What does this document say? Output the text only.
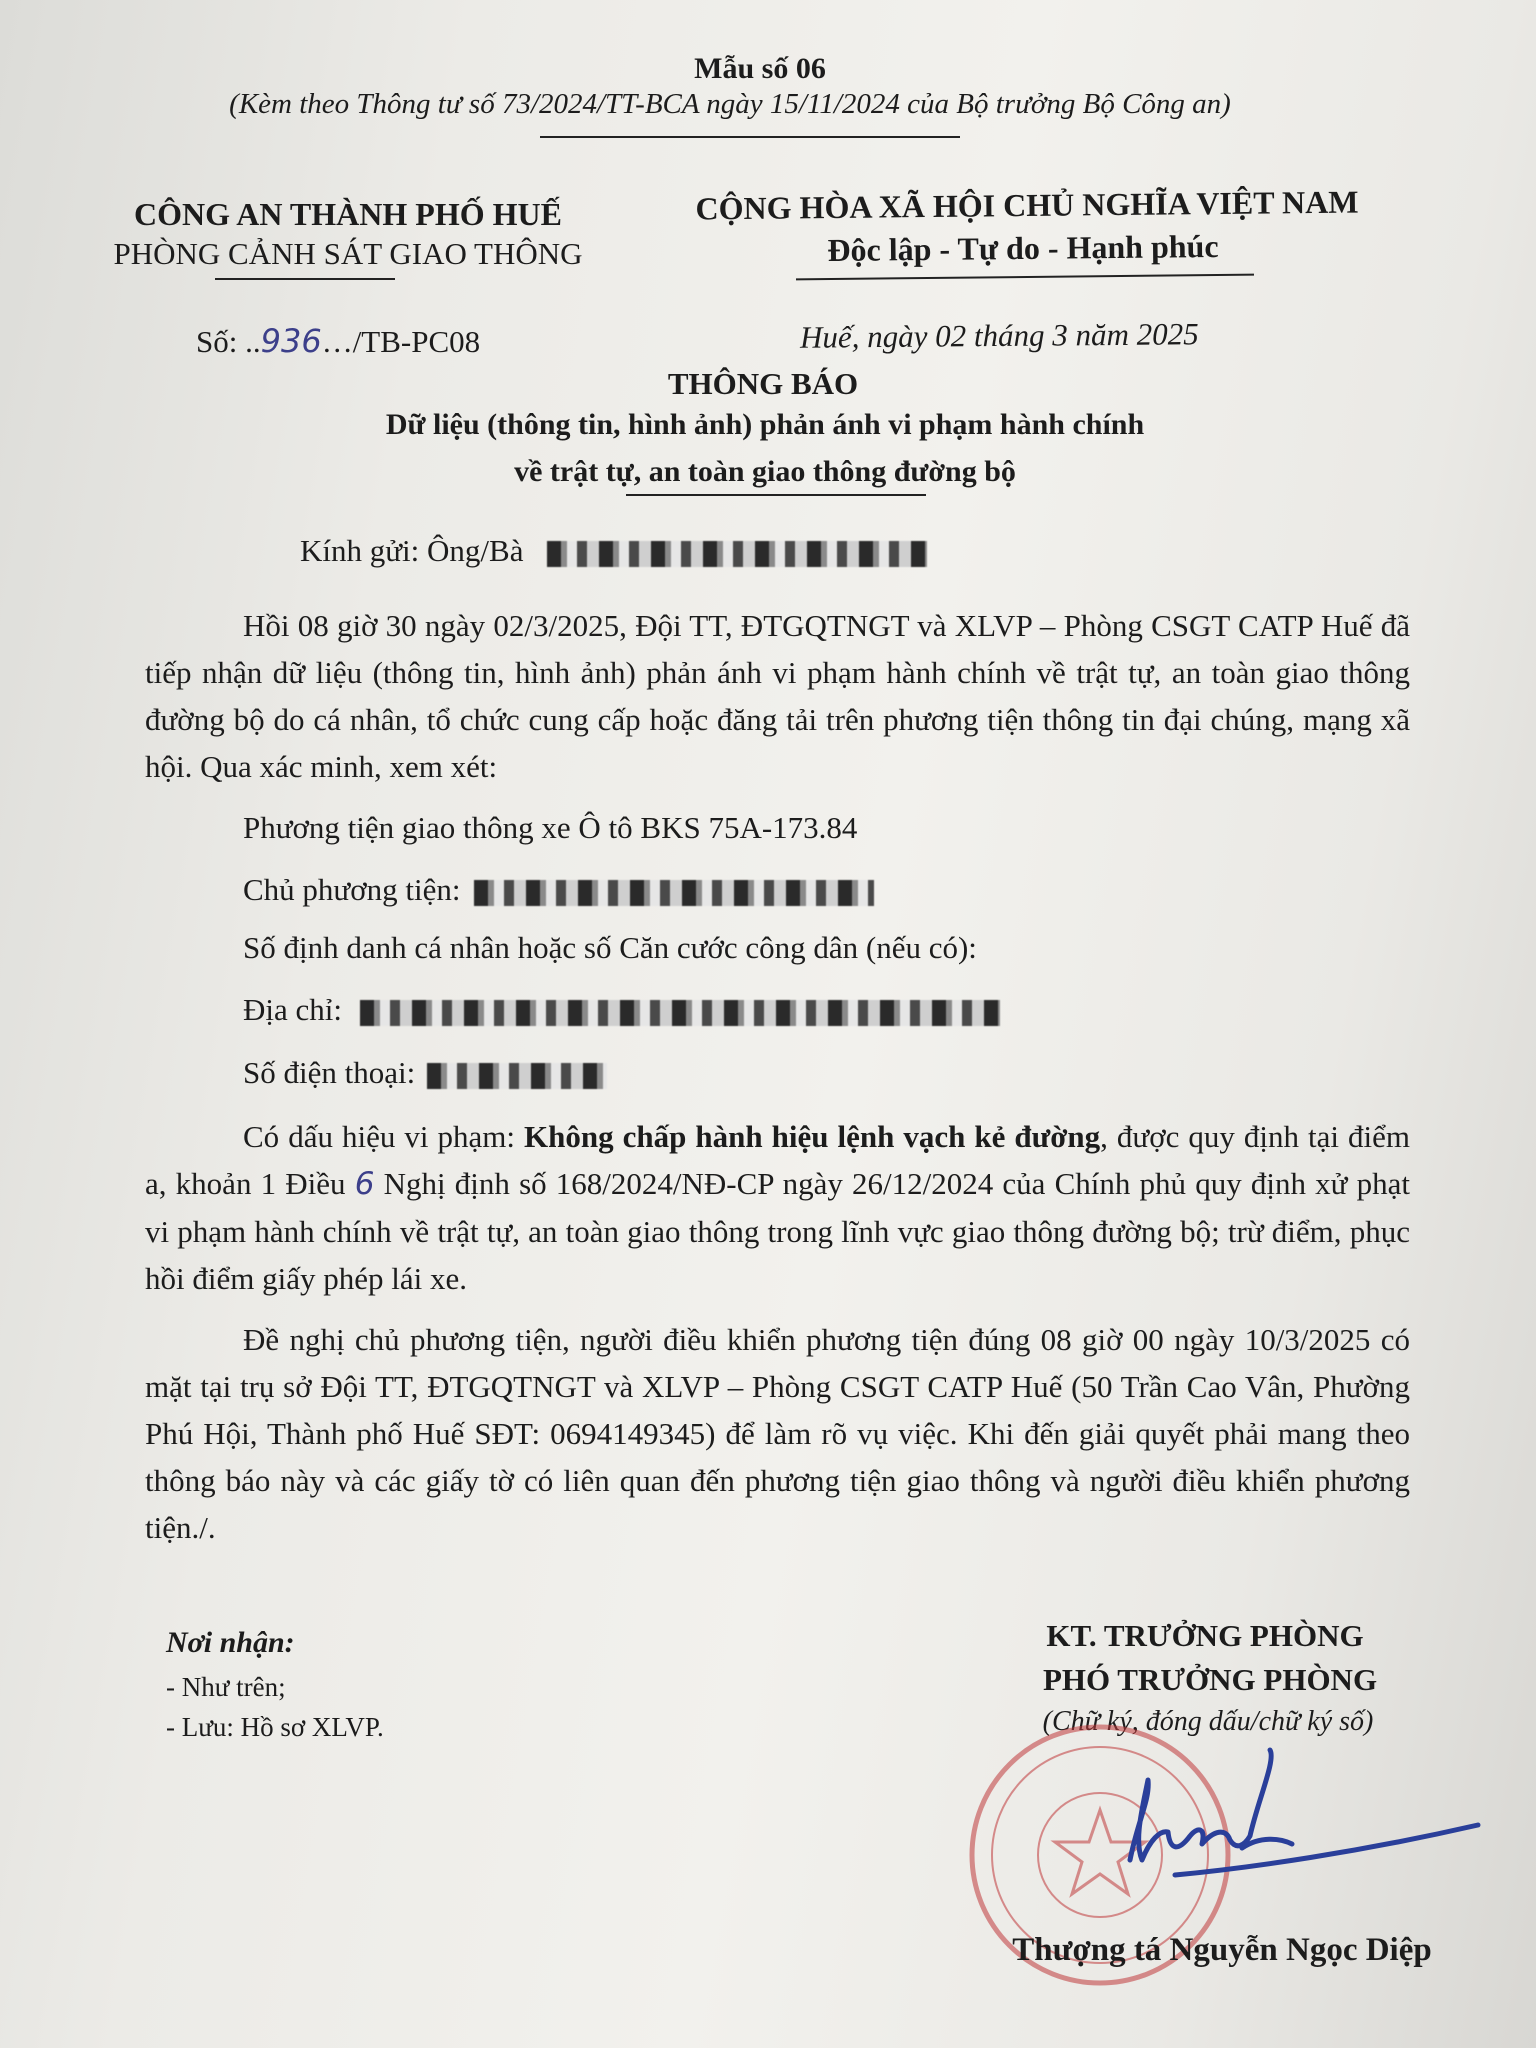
Mẫu số 06
(Kèm theo Thông tư số 73/2024/TT-BCA ngày 15/11/2024 của Bộ trưởng Bộ Công an)
CÔNG AN THÀNH PHỐ HUẾ
PHÒNG CẢNH SÁT GIAO THÔNG
CỘNG HÒA XÃ HỘI CHỦ NGHĨA VIỆT NAM
Độc lập - Tự do - Hạnh phúc
Số: ..936…/TB-PC08	Huế, ngày 02 tháng 3 năm 2025
THÔNG BÁO
Dữ liệu (thông tin, hình ảnh) phản ánh vi phạm hành chính
về trật tự, an toàn giao thông đường bộ
Kính gửi: Ông/Bà
Hồi 08 giờ 30 ngày 02/3/2025, Đội TT, ĐTGQTNGT và XLVP – Phòng CSGT CATP Huế đã tiếp nhận dữ liệu (thông tin, hình ảnh) phản ánh vi phạm hành chính về trật tự, an toàn giao thông đường bộ do cá nhân, tổ chức cung cấp hoặc đăng tải trên phương tiện thông tin đại chúng, mạng xã hội. Qua xác minh, xem xét:
Phương tiện giao thông xe Ô tô BKS 75A-173.84
Chủ phương tiện:
Số định danh cá nhân hoặc số Căn cước công dân (nếu có):
Địa chỉ:
Số điện thoại:
Có dấu hiệu vi phạm: Không chấp hành hiệu lệnh vạch kẻ đường, được quy định tại điểm a, khoản 1 Điều 6 Nghị định số 168/2024/NĐ-CP ngày 26/12/2024 của Chính phủ quy định xử phạt vi phạm hành chính về trật tự, an toàn giao thông trong lĩnh vực giao thông đường bộ; trừ điểm, phục hồi điểm giấy phép lái xe.
Đề nghị chủ phương tiện, người điều khiển phương tiện đúng 08 giờ 00 ngày 10/3/2025 có mặt tại trụ sở Đội TT, ĐTGQTNGT và XLVP – Phòng CSGT CATP Huế (50 Trần Cao Vân, Phường Phú Hội, Thành phố Huế SĐT: 0694149345) để làm rõ vụ việc. Khi đến giải quyết phải mang theo thông báo này và các giấy tờ có liên quan đến phương tiện giao thông và người điều khiển phương tiện./.
Nơi nhận:
- Như trên;
- Lưu: Hồ sơ XLVP.
KT. TRƯỞNG PHÒNG
PHÓ TRƯỞNG PHÒNG
(Chữ ký, đóng dấu/chữ ký số)
Thượng tá Nguyễn Ngọc Diệp
